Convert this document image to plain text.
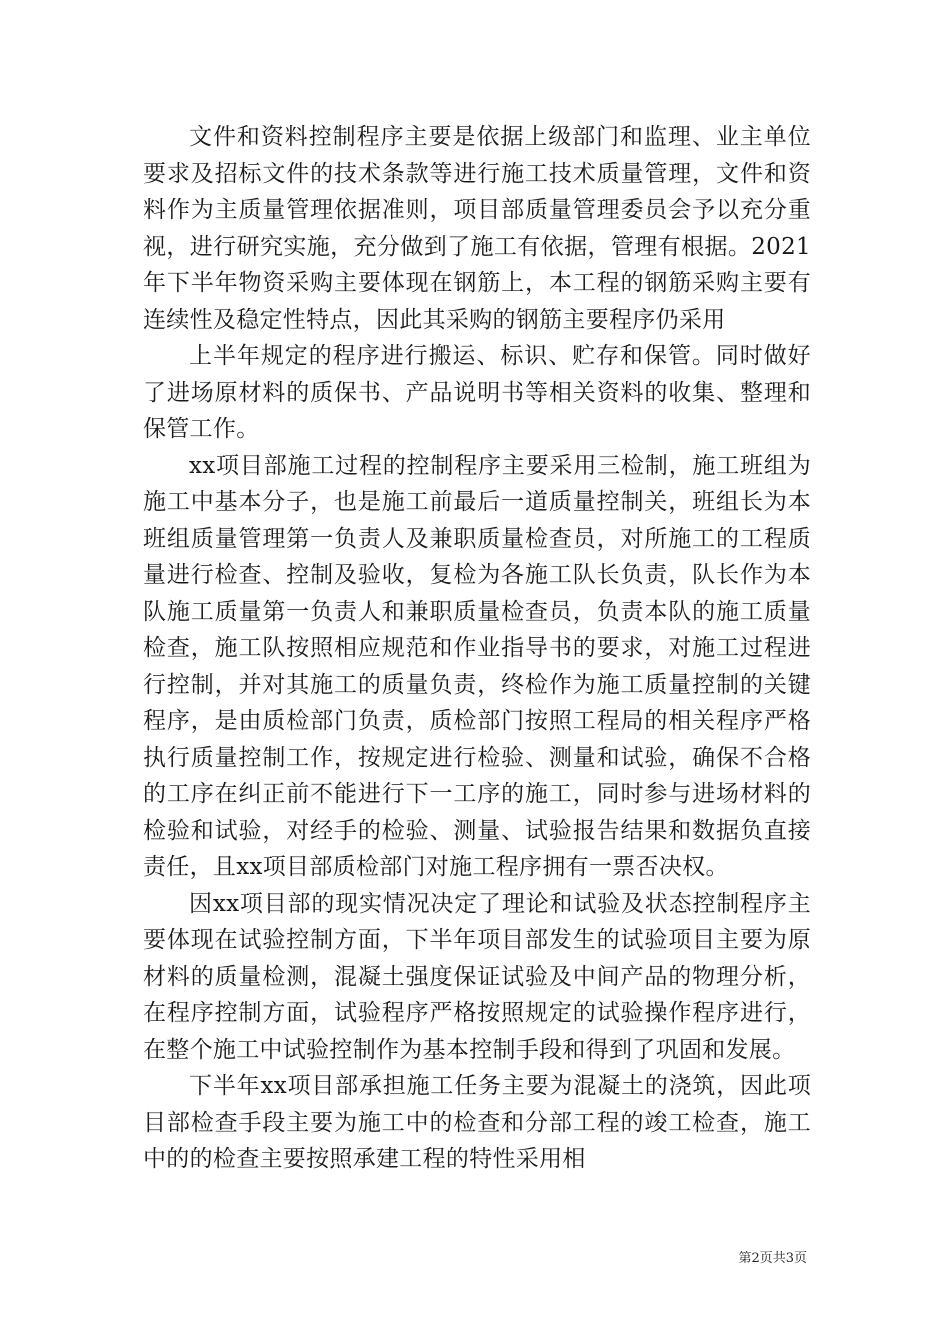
文件和资料控制程序主要是依据上级部门和监理、业主单位要求及招标文件的技术条款等进行施工技术质量管理，文件和资料作为主质量管理依据准则，项目部质量管理委员会予以充分重视，进行研究实施，充分做到了施工有依据，管理有根据。2021年下半年物资采购主要体现在钢筋上，本工程的钢筋采购主要有连续性及稳定性特点，因此其采购的钢筋主要程序仍采用

上半年规定的程序进行搬运、标识、贮存和保管。同时做好了进场原材料的质保书、产品说明书等相关资料的收集、整理和保管工作。

xx项目部施工过程的控制程序主要采用三检制，施工班组为施工中基本分子，也是施工前最后一道质量控制关，班组长为本班组质量管理第一负责人及兼职质量检查员，对所施工的工程质量进行检查、控制及验收，复检为各施工队长负责，队长作为本队施工质量第一负责人和兼职质量检查员，负责本队的施工质量检查，施工队按照相应规范和作业指导书的要求，对施工过程进行控制，并对其施工的质量负责，终检作为施工质量控制的关键程序，是由质检部门负责，质检部门按照工程局的相关程序严格执行质量控制工作，按规定进行检验、测量和试验，确保不合格的工序在纠正前不能进行下一工序的施工，同时参与进场材料的检验和试验，对经手的检验、测量、试验报告结果和数据负直接责任，且xx项目部质检部门对施工程序拥有一票否决权。

因xx项目部的现实情况决定了理论和试验及状态控制程序主要体现在试验控制方面，下半年项目部发生的试验项目主要为原材料的质量检测，混凝土强度保证试验及中间产品的物理分析，在程序控制方面，试验程序严格按照规定的试验操作程序进行，在整个施工中试验控制作为基本控制手段和得到了巩固和发展。

下半年xx项目部承担施工任务主要为混凝土的浇筑，因此项目部检查手段主要为施工中的检查和分部工程的竣工检查，施工中的的检查主要按照承建工程的特性采用相

第2页共3页
